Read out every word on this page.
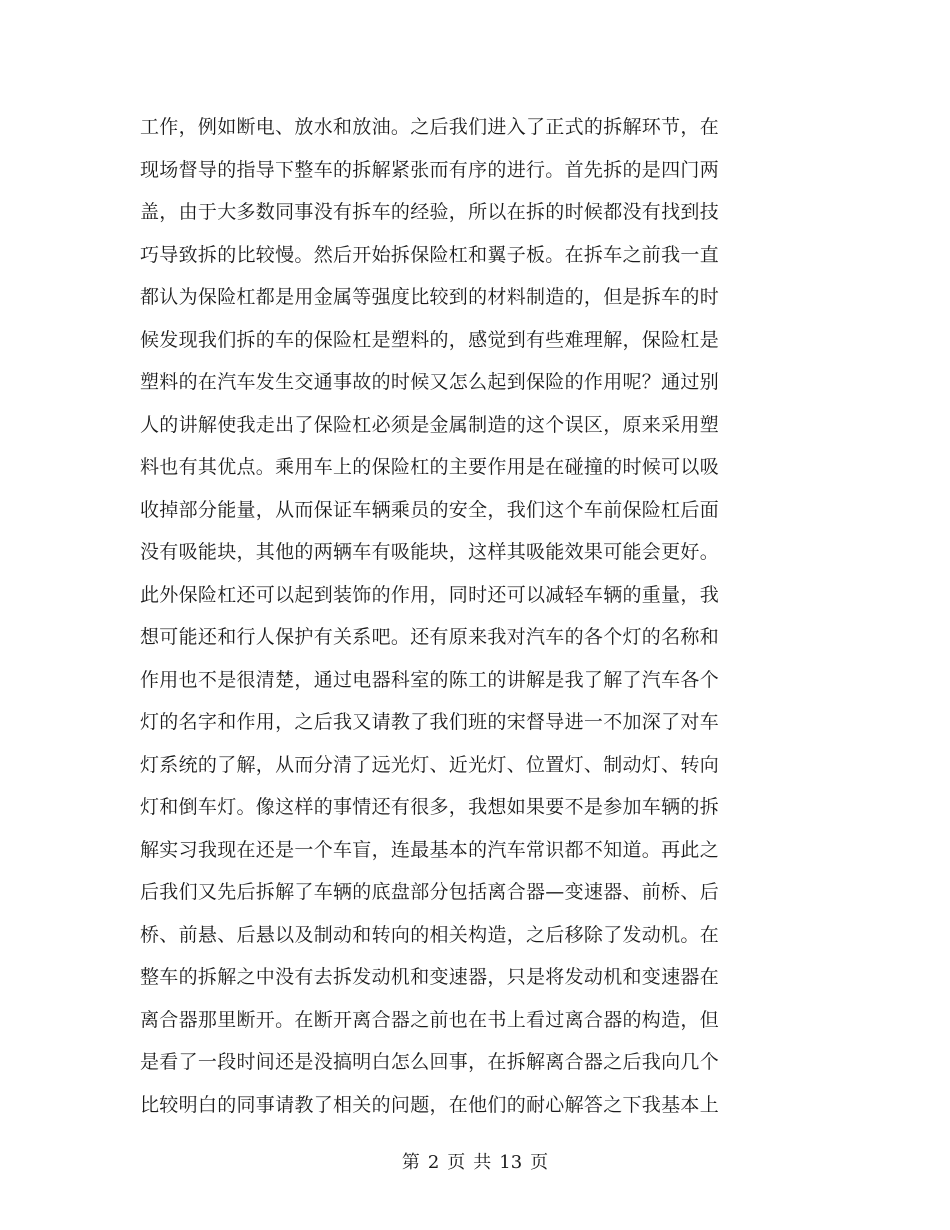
工作，例如断电、放水和放油。之后我们进入了正式的拆解环节，在
现场督导的指导下整车的拆解紧张而有序的进行。首先拆的是四门两
盖，由于大多数同事没有拆车的经验，所以在拆的时候都没有找到技
巧导致拆的比较慢。然后开始拆保险杠和翼子板。在拆车之前我一直
都认为保险杠都是用金属等强度比较到的材料制造的，但是拆车的时
候发现我们拆的车的保险杠是塑料的，感觉到有些难理解，保险杠是
塑料的在汽车发生交通事故的时候又怎么起到保险的作用呢？通过别
人的讲解使我走出了保险杠必须是金属制造的这个误区，原来采用塑
料也有其优点。乘用车上的保险杠的主要作用是在碰撞的时候可以吸
收掉部分能量，从而保证车辆乘员的安全，我们这个车前保险杠后面
没有吸能块，其他的两辆车有吸能块，这样其吸能效果可能会更好。
此外保险杠还可以起到装饰的作用，同时还可以减轻车辆的重量，我
想可能还和行人保护有关系吧。还有原来我对汽车的各个灯的名称和
作用也不是很清楚，通过电器科室的陈工的讲解是我了解了汽车各个
灯的名字和作用，之后我又请教了我们班的宋督导进一不加深了对车
灯系统的了解，从而分清了远光灯、近光灯、位置灯、制动灯、转向
灯和倒车灯。像这样的事情还有很多，我想如果要不是参加车辆的拆
解实习我现在还是一个车盲，连最基本的汽车常识都不知道。再此之
后我们又先后拆解了车辆的底盘部分包括离合器—变速器、前桥、后
桥、前悬、后悬以及制动和转向的相关构造，之后移除了发动机。在
整车的拆解之中没有去拆发动机和变速器，只是将发动机和变速器在
离合器那里断开。在断开离合器之前也在书上看过离合器的构造，但
是看了一段时间还是没搞明白怎么回事，在拆解离合器之后我向几个
比较明白的同事请教了相关的问题，在他们的耐心解答之下我基本上
第 2 页 共 13 页
